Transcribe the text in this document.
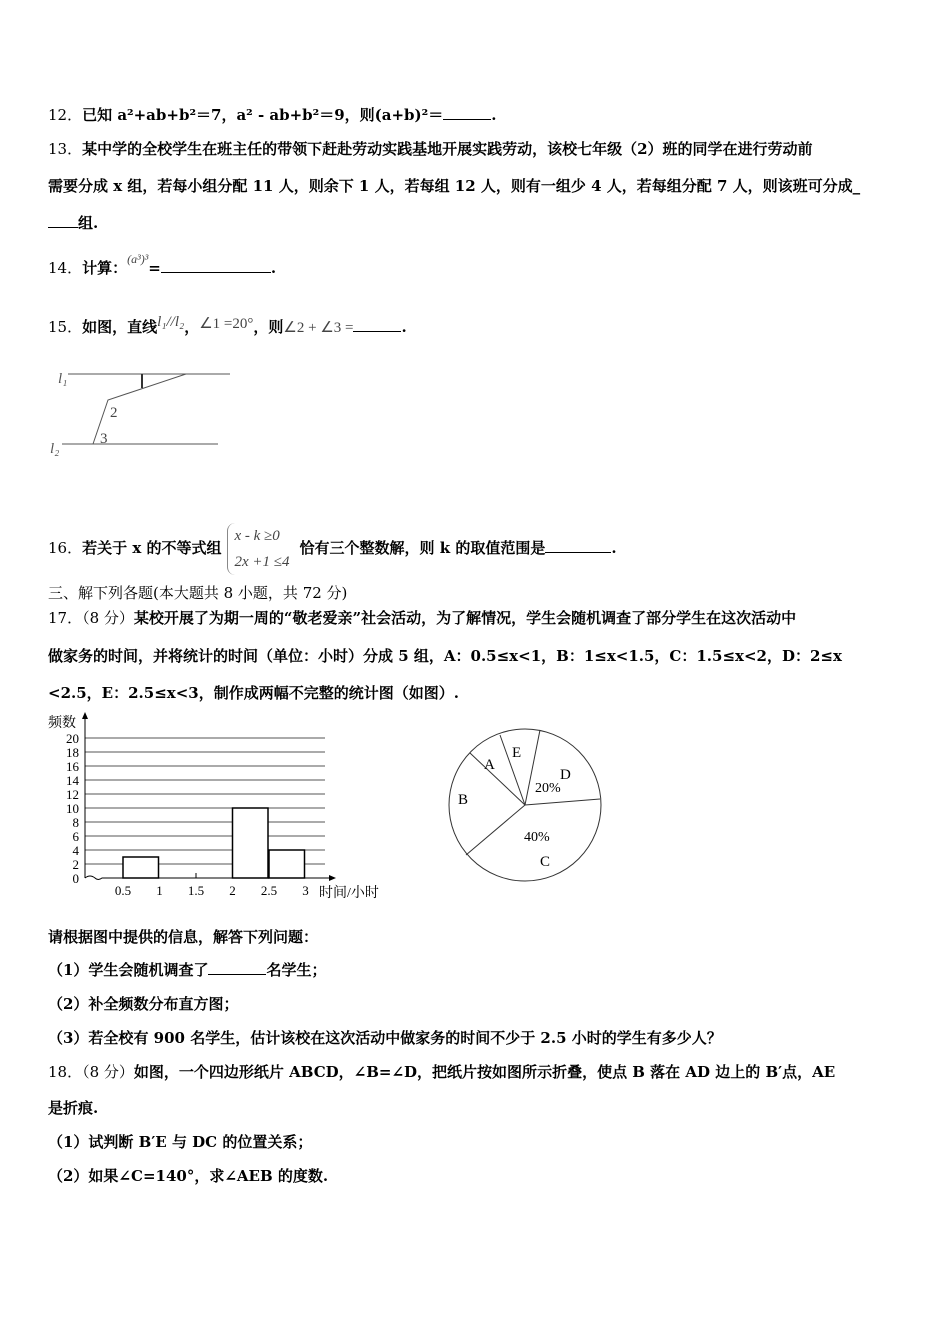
12．已知 a²+ab+b²＝7，a² - ab+b²＝9，则(a+b)²＝	.
13．某中学的全校学生在班主任的带领下赶赴劳动实践基地开展实践劳动，该校七年级（2）班的同学在进行劳动前
需要分成 x 组，若每小组分配 11 人，则余下 1 人，若每组 12 人，则有一组少 4 人，若每组分配 7 人，则该班可分成_
组.
14．计算：$^{(a^3)^3}$=	.
15．如图，直线l₁//l₂，∠1 =20°，则∠2 + ∠3 =	.
l₁
l₂
2
3
16．若关于 x 的不等式组
x - k ≥0
2x +1 ≤4
恰有三个整数解，则 k 的取值范围是	.
三、解下列各题(本大题共 8 小题，共 72 分)
17．（8 分）某校开展了为期一周的“敬老爱亲”社会活动，为了解情况，学生会随机调查了部分学生在这次活动中
做家务的时间，并将统计的时间（单位：小时）分成 5 组，A：0.5≤x<1，B：1≤x<1.5，C：1.5≤x<2，D：2≤x
<2.5，E：2.5≤x<3，制作成两幅不完整的统计图（如图）.
0
2
4
6
8
10
12
14
16
18
20
0.5 1 1.5 2 2.5 3
频数
时间/小时
A
E
D
20%
40%
C
B
请根据图中提供的信息，解答下列问题：
（1）学生会随机调查了	名学生；
（2）补全频数分布直方图；
（3）若全校有 900 名学生，估计该校在这次活动中做家务的时间不少于 2.5 小时的学生有多少人？
18．（8 分）如图，一个四边形纸片 ABCD，∠B=∠D，把纸片按如图所示折叠，使点 B 落在 AD 边上的 B′点，AE
是折痕.
（1）试判断 B′E 与 DC 的位置关系；
（2）如果∠C=140°，求∠AEB 的度数.
